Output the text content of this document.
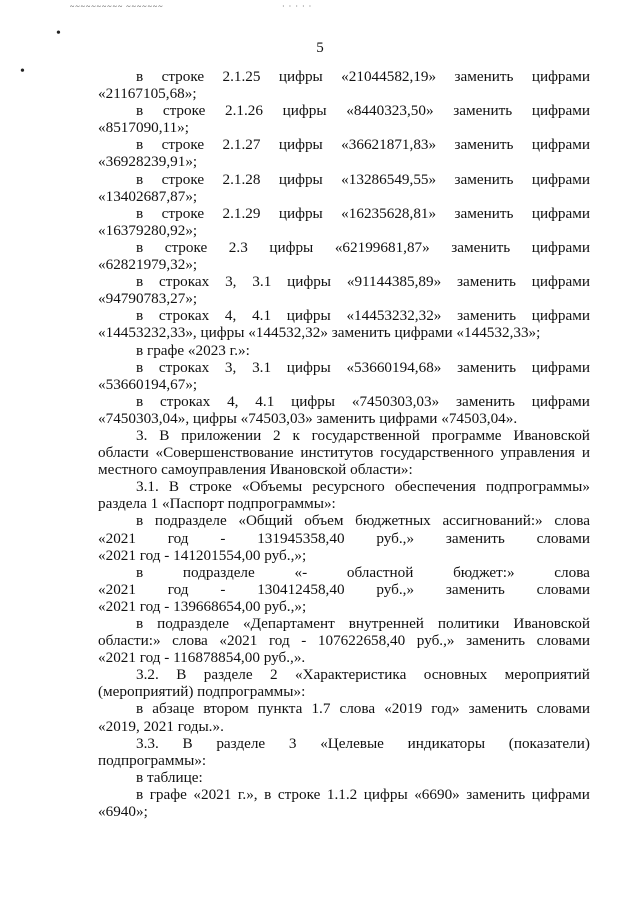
~~~~~~~~~~ ~~~~~~~	· · · · ·
•
•
5
в строке 2.1.25 цифры «21044582,19» заменить цифрами
«21167105,68»;
в строке 2.1.26 цифры «8440323,50» заменить цифрами
«8517090,11»;
в строке 2.1.27 цифры «36621871,83» заменить цифрами
«36928239,91»;
в строке 2.1.28 цифры «13286549,55» заменить цифрами
«13402687,87»;
в строке 2.1.29 цифры «16235628,81» заменить цифрами
«16379280,92»;
в строке 2.3 цифры «62199681,87» заменить цифрами
«62821979,32»;
в строках 3, 3.1 цифры «91144385,89» заменить цифрами
«94790783,27»;
в строках 4, 4.1 цифры «14453232,32» заменить цифрами
«14453232,33», цифры «144532,32» заменить цифрами «144532,33»;
в графе «2023 г.»:
в строках 3, 3.1 цифры «53660194,68» заменить цифрами
«53660194,67»;
в строках 4, 4.1 цифры «7450303,03» заменить цифрами
«7450303,04», цифры «74503,03» заменить цифрами «74503,04».
3. В приложении 2 к государственной программе Ивановской
области «Совершенствование институтов государственного управления и
местного самоуправления Ивановской области»:
3.1. В строке «Объемы ресурсного обеспечения подпрограммы»
раздела 1 «Паспорт подпрограммы»:
в подразделе «Общий объем бюджетных ассигнований:» слова
«2021 год - 131945358,40 руб.,» заменить словами
«2021 год - 141201554,00 руб.,»;
в	подразделе	«-	областной	бюджет:»	слова
«2021 год - 130412458,40 руб.,» заменить словами
«2021 год - 139668654,00 руб.,»;
в подразделе «Департамент внутренней политики Ивановской
области:» слова «2021 год - 107622658,40 руб.,» заменить словами
«2021 год - 116878854,00 руб.,».
3.2. В разделе 2 «Характеристика основных мероприятий
(мероприятий) подпрограммы»:
в абзаце втором пункта 1.7 слова «2019 год» заменить словами
«2019, 2021 годы.».
3.3. В разделе 3 «Целевые индикаторы (показатели)
подпрограммы»:
в таблице:
в графе «2021 г.», в строке 1.1.2 цифры «6690» заменить цифрами
«6940»;
